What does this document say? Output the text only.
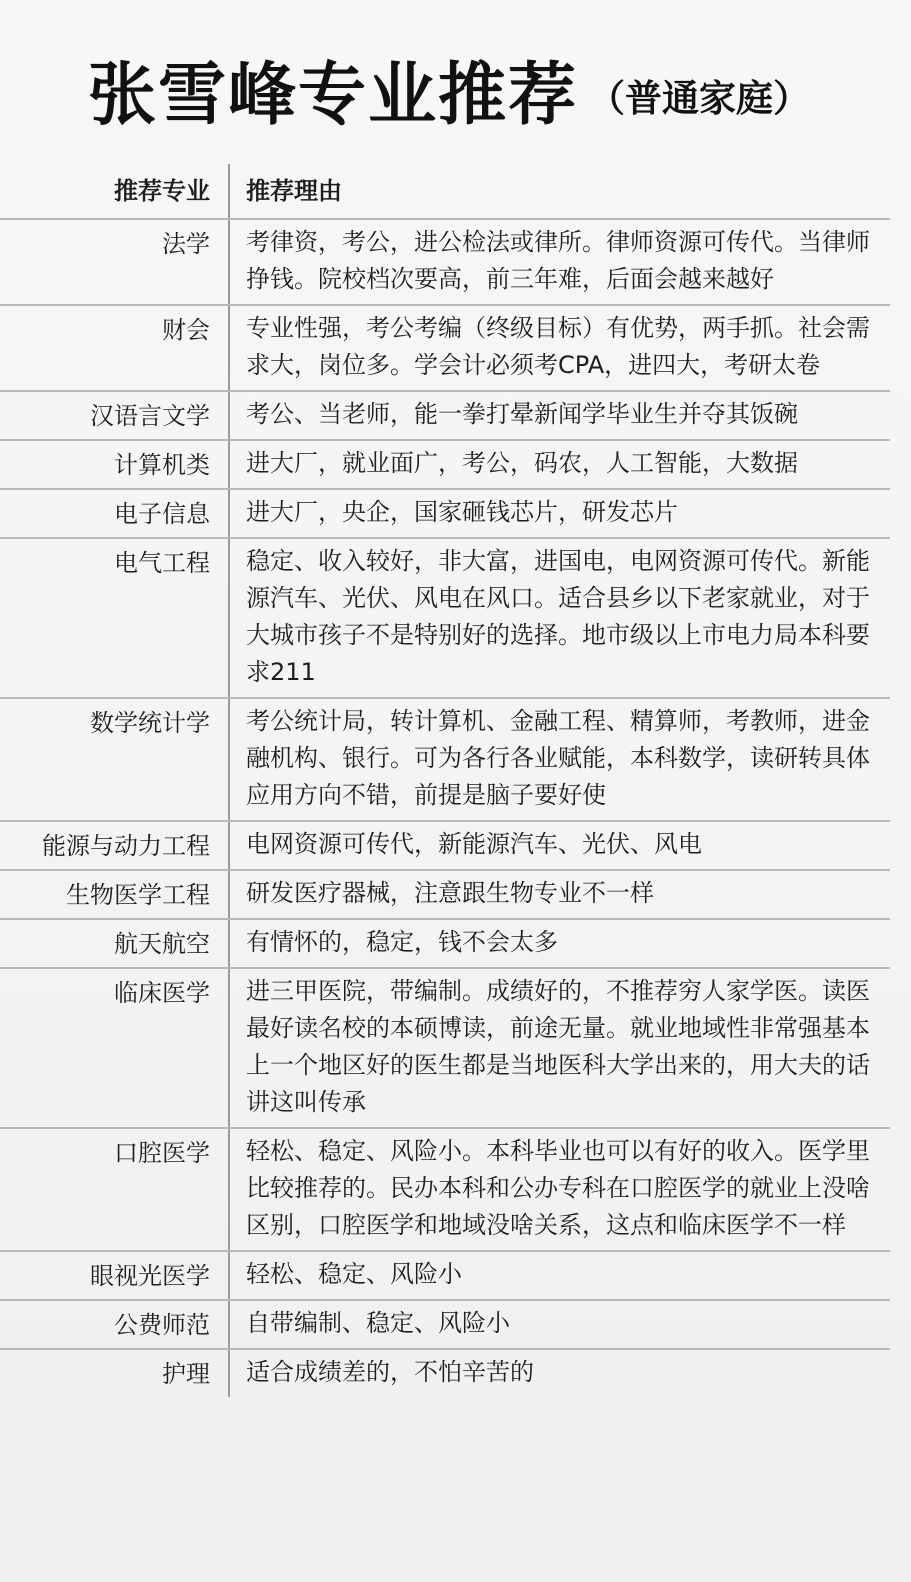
张雪峰专业推荐 （普通家庭）
推荐专业	推荐理由
法学	考律资，考公，进公检法或律所。律师资源可传代。当律师挣钱。院校档次要高，前三年难，后面会越来越好
财会	专业性强，考公考编（终级目标）有优势，两手抓。社会需求大，岗位多。学会计必须考CPA，进四大，考研太卷
汉语言文学	考公、当老师，能一拳打晕新闻学毕业生并夺其饭碗
计算机类	进大厂，就业面广，考公，码农，人工智能，大数据
电子信息	进大厂，央企，国家砸钱芯片，研发芯片
电气工程	稳定、收入较好，非大富，进国电，电网资源可传代。新能源汽车、光伏、风电在风口。适合县乡以下老家就业，对于大城市孩子不是特别好的选择。地市级以上市电力局本科要求211
数学统计学	考公统计局，转计算机、金融工程、精算师，考教师，进金融机构、银行。可为各行各业赋能，本科数学，读研转具体应用方向不错，前提是脑子要好使
能源与动力工程	电网资源可传代，新能源汽车、光伏、风电
生物医学工程	研发医疗器械，注意跟生物专业不一样
航天航空	有情怀的，稳定，钱不会太多
临床医学	进三甲医院，带编制。成绩好的，不推荐穷人家学医。读医最好读名校的本硕博读，前途无量。就业地域性非常强基本上一个地区好的医生都是当地医科大学出来的，用大夫的话讲这叫传承
口腔医学	轻松、稳定、风险小。本科毕业也可以有好的收入。医学里比较推荐的。民办本科和公办专科在口腔医学的就业上没啥区别，口腔医学和地域没啥关系，这点和临床医学不一样
眼视光医学	轻松、稳定、风险小
公费师范	自带编制、稳定、风险小
护理	适合成绩差的，不怕辛苦的
